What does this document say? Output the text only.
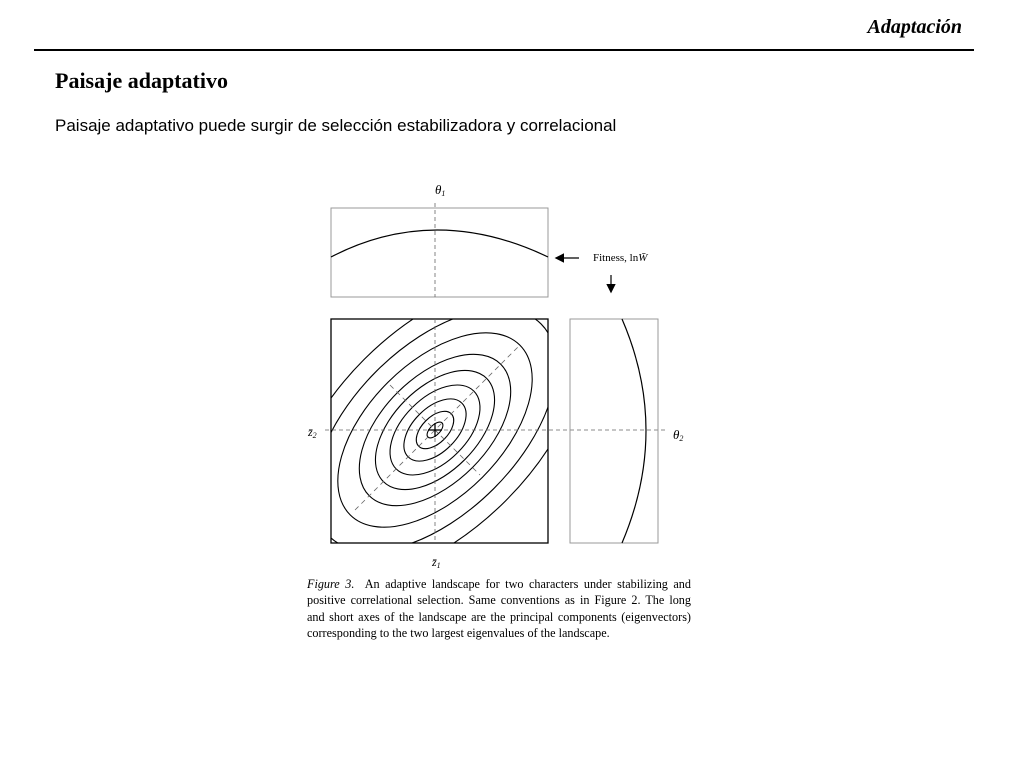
Adaptación
Paisaje adaptativo
Paisaje adaptativo puede surgir de selección estabilizadora y correlacional
θ1
Fitness, lnW̄
θ2
z̄2
z̄1
Figure 3. An adaptive landscape for two characters under stabilizing and positive correlational selection. Same conventions as in Figure 2. The long and short axes of the landscape are the principal components (eigenvectors) corresponding to the two largest eigenvalues of the landscape.
